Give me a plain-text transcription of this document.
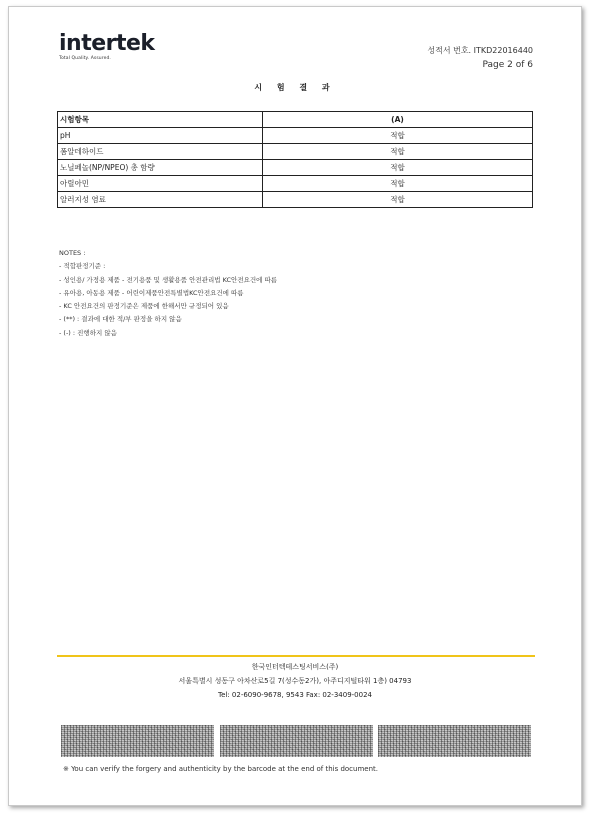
intertek
Total Quality. Assured.
성적서 번호. ITKD22016440
Page 2 of 6
시 험 결 과
시험항목	(A)
pH	적합
폼알데하이드	적합
노닐페놀(NP/NPEO) 총 함량	적합
아릴아민	적합
알러지성 염료	적합
NOTES :
- 적합판정기준 :
- 성인용/ 가정용 제품 - 전기용품 및 생활용품 안전관리법 KC안전요건에 따름
- 유아용, 아동용 제품 - 어린이제품안전특별법KC안전요건에 따름
- KC 안전요건의 판정기준은 제품에 한해서만 규정되어 있음
- (**) : 결과에 대한 적/부 판정을 하지 않음
- (-) : 진행하지 않음
한국인터텍테스팅서비스(주)
서울특별시 성동구 아차산로5길 7(성수동2가), 아주디지털타워 1층) 04793
Tel: 02-6090-9678, 9543 Fax: 02-3409-0024
※ You can verify the forgery and authenticity by the barcode at the end of this document.
